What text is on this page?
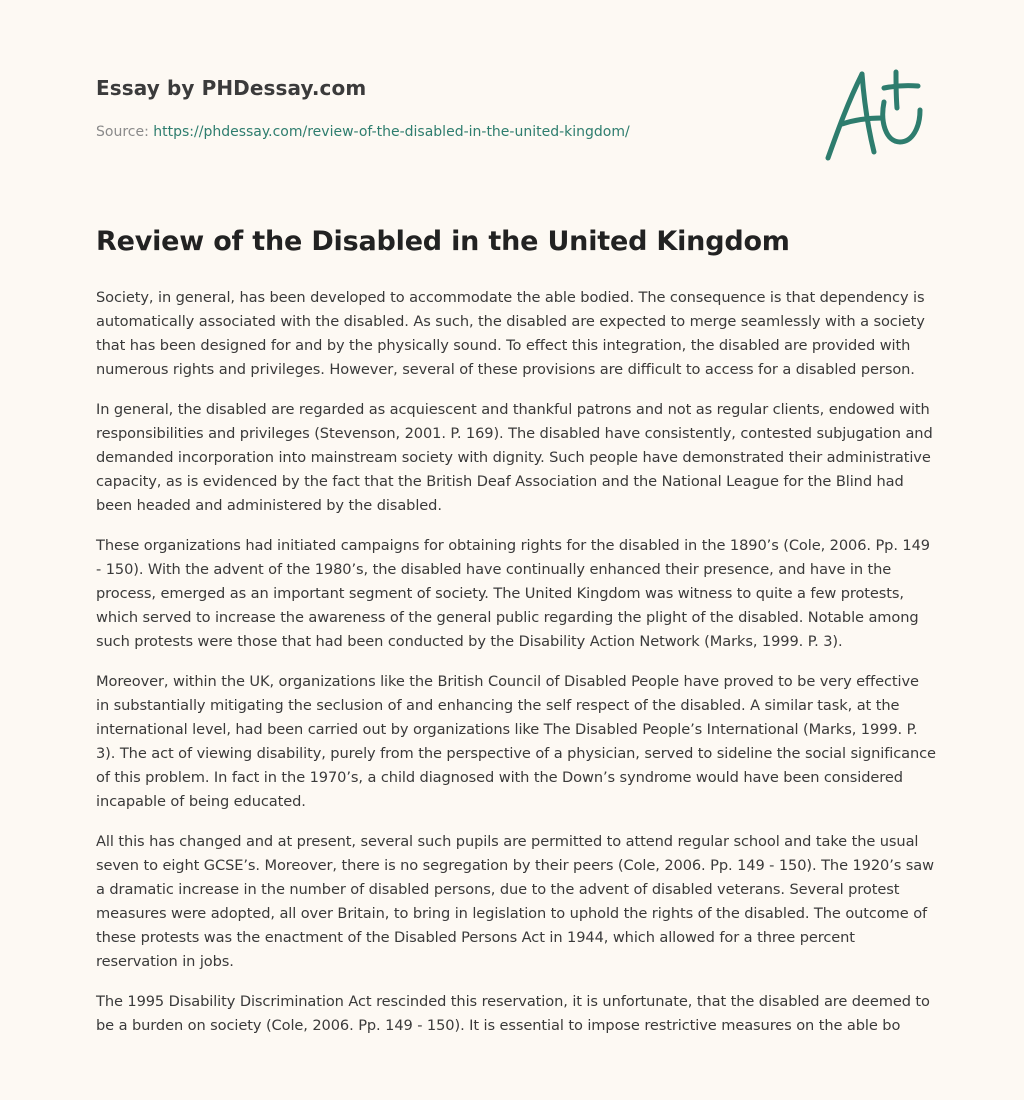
Essay by PHDessay.com

Source: https://phdessay.com/review-of-the-disabled-in-the-united-kingdom/

Review of the Disabled in the United Kingdom

Society, in general, has been developed to accommodate the able bodied. The consequence is that dependency is automatically associated with the disabled. As such, the disabled are expected to merge seamlessly with a society that has been designed for and by the physically sound. To effect this integration, the disabled are provided with numerous rights and privileges. However, several of these provisions are difficult to access for a disabled person.

In general, the disabled are regarded as acquiescent and thankful patrons and not as regular clients, endowed with responsibilities and privileges (Stevenson, 2001. P. 169). The disabled have consistently, contested subjugation and demanded incorporation into mainstream society with dignity. Such people have demonstrated their administrative capacity, as is evidenced by the fact that the British Deaf Association and the National League for the Blind had been headed and administered by the disabled.

These organizations had initiated campaigns for obtaining rights for the disabled in the 1890’s (Cole, 2006. Pp. 149 - 150). With the advent of the 1980’s, the disabled have continually enhanced their presence, and have in the process, emerged as an important segment of society. The United Kingdom was witness to quite a few protests, which served to increase the awareness of the general public regarding the plight of the disabled. Notable among such protests were those that had been conducted by the Disability Action Network (Marks, 1999. P. 3).

Moreover, within the UK, organizations like the British Council of Disabled People have proved to be very effective in substantially mitigating the seclusion of and enhancing the self respect of the disabled. A similar task, at the international level, had been carried out by organizations like The Disabled People’s International (Marks, 1999. P. 3). The act of viewing disability, purely from the perspective of a physician, served to sideline the social significance of this problem. In fact in the 1970’s, a child diagnosed with the Down’s syndrome would have been considered incapable of being educated.

All this has changed and at present, several such pupils are permitted to attend regular school and take the usual seven to eight GCSE’s. Moreover, there is no segregation by their peers (Cole, 2006. Pp. 149 - 150). The 1920’s saw a dramatic increase in the number of disabled persons, due to the advent of disabled veterans. Several protest measures were adopted, all over Britain, to bring in legislation to uphold the rights of the disabled. The outcome of these protests was the enactment of the Disabled Persons Act in 1944, which allowed for a three percent reservation in jobs.

The 1995 Disability Discrimination Act rescinded this reservation, it is unfortunate, that the disabled are deemed to be a burden on society (Cole, 2006. Pp. 149 - 150). It is essential to impose restrictive measures on the able bo
